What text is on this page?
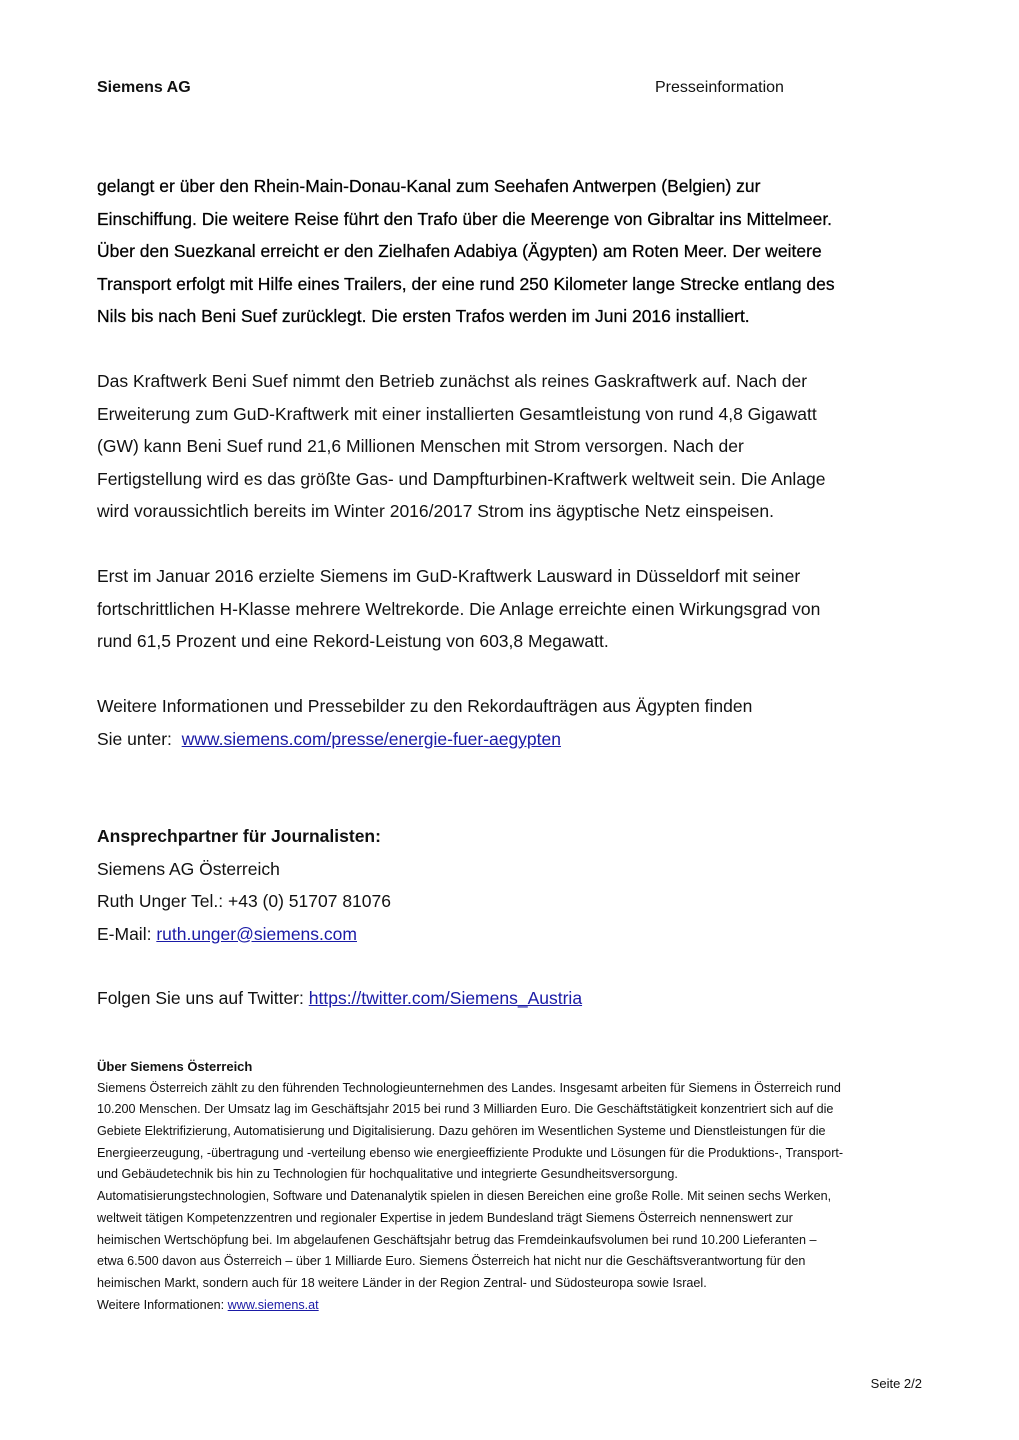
Siemens AG	Presseinformation
gelangt er über den Rhein-Main-Donau-Kanal zum Seehafen Antwerpen (Belgien) zur
Einschiffung. Die weitere Reise führt den Trafo über die Meerenge von Gibraltar ins Mittelmeer.
Über den Suezkanal erreicht er den Zielhafen Adabiya (Ägypten) am Roten Meer. Der weitere
Transport erfolgt mit Hilfe eines Trailers, der eine rund 250 Kilometer lange Strecke entlang des
Nils bis nach Beni Suef zurücklegt. Die ersten Trafos werden im Juni 2016 installiert.
Das Kraftwerk Beni Suef nimmt den Betrieb zunächst als reines Gaskraftwerk auf. Nach der
Erweiterung zum GuD-Kraftwerk mit einer installierten Gesamtleistung von rund 4,8 Gigawatt
(GW) kann Beni Suef rund 21,6 Millionen Menschen mit Strom versorgen. Nach der
Fertigstellung wird es das größte Gas- und Dampfturbinen-Kraftwerk weltweit sein. Die Anlage
wird voraussichtlich bereits im Winter 2016/2017 Strom ins ägyptische Netz einspeisen.
Erst im Januar 2016 erzielte Siemens im GuD-Kraftwerk Lausward in Düsseldorf mit seiner
fortschrittlichen H-Klasse mehrere Weltrekorde. Die Anlage erreichte einen Wirkungsgrad von
rund 61,5 Prozent und eine Rekord-Leistung von 603,8 Megawatt.
Weitere Informationen und Pressebilder zu den Rekordaufträgen aus Ägypten finden
Sie unter: www.siemens.com/presse/energie-fuer-aegypten
Ansprechpartner für Journalisten:
Siemens AG Österreich
Ruth Unger Tel.: +43 (0) 51707 81076
E-Mail: ruth.unger@siemens.com
Folgen Sie uns auf Twitter: https://twitter.com/Siemens_Austria
Über Siemens Österreich
Siemens Österreich zählt zu den führenden Technologieunternehmen des Landes. Insgesamt arbeiten für Siemens in Österreich rund
10.200 Menschen. Der Umsatz lag im Geschäftsjahr 2015 bei rund 3 Milliarden Euro. Die Geschäftstätigkeit konzentriert sich auf die
Gebiete Elektrifizierung, Automatisierung und Digitalisierung. Dazu gehören im Wesentlichen Systeme und Dienstleistungen für die
Energieerzeugung, -übertragung und -verteilung ebenso wie energieeffiziente Produkte und Lösungen für die Produktions-, Transport-
und Gebäudetechnik bis hin zu Technologien für hochqualitative und integrierte Gesundheitsversorgung.
Automatisierungstechnologien, Software und Datenanalytik spielen in diesen Bereichen eine große Rolle. Mit seinen sechs Werken,
weltweit tätigen Kompetenzzentren und regionaler Expertise in jedem Bundesland trägt Siemens Österreich nennenswert zur
heimischen Wertschöpfung bei. Im abgelaufenen Geschäftsjahr betrug das Fremdeinkaufsvolumen bei rund 10.200 Lieferanten –
etwa 6.500 davon aus Österreich – über 1 Milliarde Euro. Siemens Österreich hat nicht nur die Geschäftsverantwortung für den
heimischen Markt, sondern auch für 18 weitere Länder in der Region Zentral- und Südosteuropa sowie Israel.
Weitere Informationen: www.siemens.at
Seite 2/2
